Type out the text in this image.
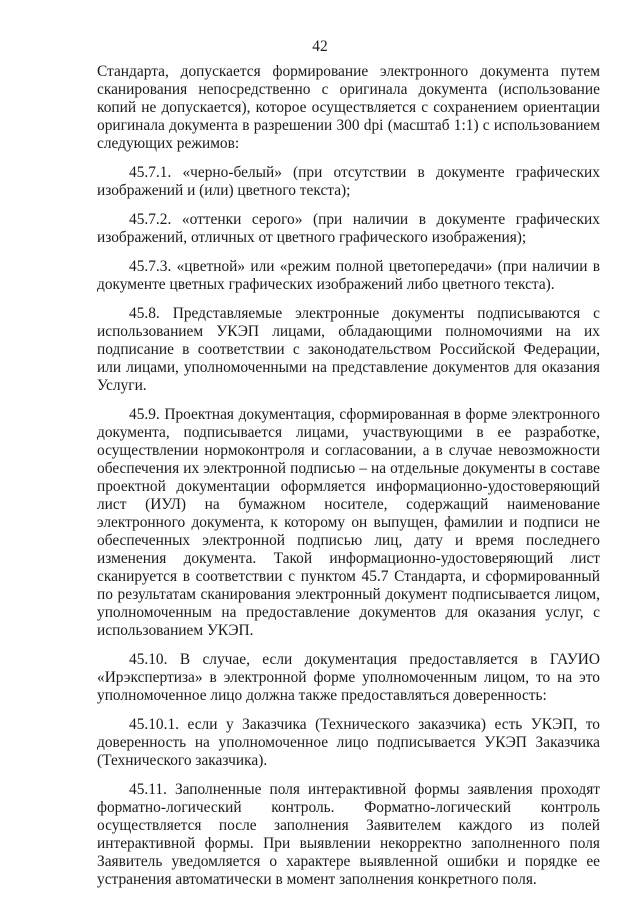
42

Стандарта, допускается формирование электронного документа путем сканирования непосредственно с оригинала документа (использование копий не допускается), которое осуществляется с сохранением ориентации оригинала документа в разрешении 300 dpi (масштаб 1:1) с использованием следующих режимов:

45.7.1. «черно-белый» (при отсутствии в документе графических изображений и (или) цветного текста);

45.7.2. «оттенки серого» (при наличии в документе графических изображений, отличных от цветного графического изображения);

45.7.3. «цветной» или «режим полной цветопередачи» (при наличии в документе цветных графических изображений либо цветного текста).

45.8. Представляемые электронные документы подписываются с использованием УКЭП лицами, обладающими полномочиями на их подписание в соответствии с законодательством Российской Федерации, или лицами, уполномоченными на представление документов для оказания Услуги.

45.9. Проектная документация, сформированная в форме электронного документа, подписывается лицами, участвующими в ее разработке, осуществлении нормоконтроля и согласовании, а в случае невозможности обеспечения их электронной подписью – на отдельные документы в составе проектной документации оформляется информационно-удостоверяющий лист (ИУЛ) на бумажном носителе, содержащий наименование электронного документа, к которому он выпущен, фамилии и подписи не обеспеченных электронной подписью лиц, дату и время последнего изменения документа. Такой информационно-удостоверяющий лист сканируется в соответствии с пунктом 45.7 Стандарта, и сформированный по результатам сканирования электронный документ подписывается лицом, уполномоченным на предоставление документов для оказания услуг, с использованием УКЭП.

45.10. В случае, если документация предоставляется в ГАУИО «Ирэкспертиза» в электронной форме уполномоченным лицом, то на это уполномоченное лицо должна также предоставляться доверенность:

45.10.1. если у Заказчика (Технического заказчика) есть УКЭП, то доверенность на уполномоченное лицо подписывается УКЭП Заказчика (Технического заказчика).

45.11. Заполненные поля интерактивной формы заявления проходят форматно-логический контроль. Форматно-логический контроль осуществляется после заполнения Заявителем каждого из полей интерактивной формы. При выявлении некорректно заполненного поля Заявитель уведомляется о характере выявленной ошибки и порядке ее устранения автоматически в момент заполнения конкретного поля.
